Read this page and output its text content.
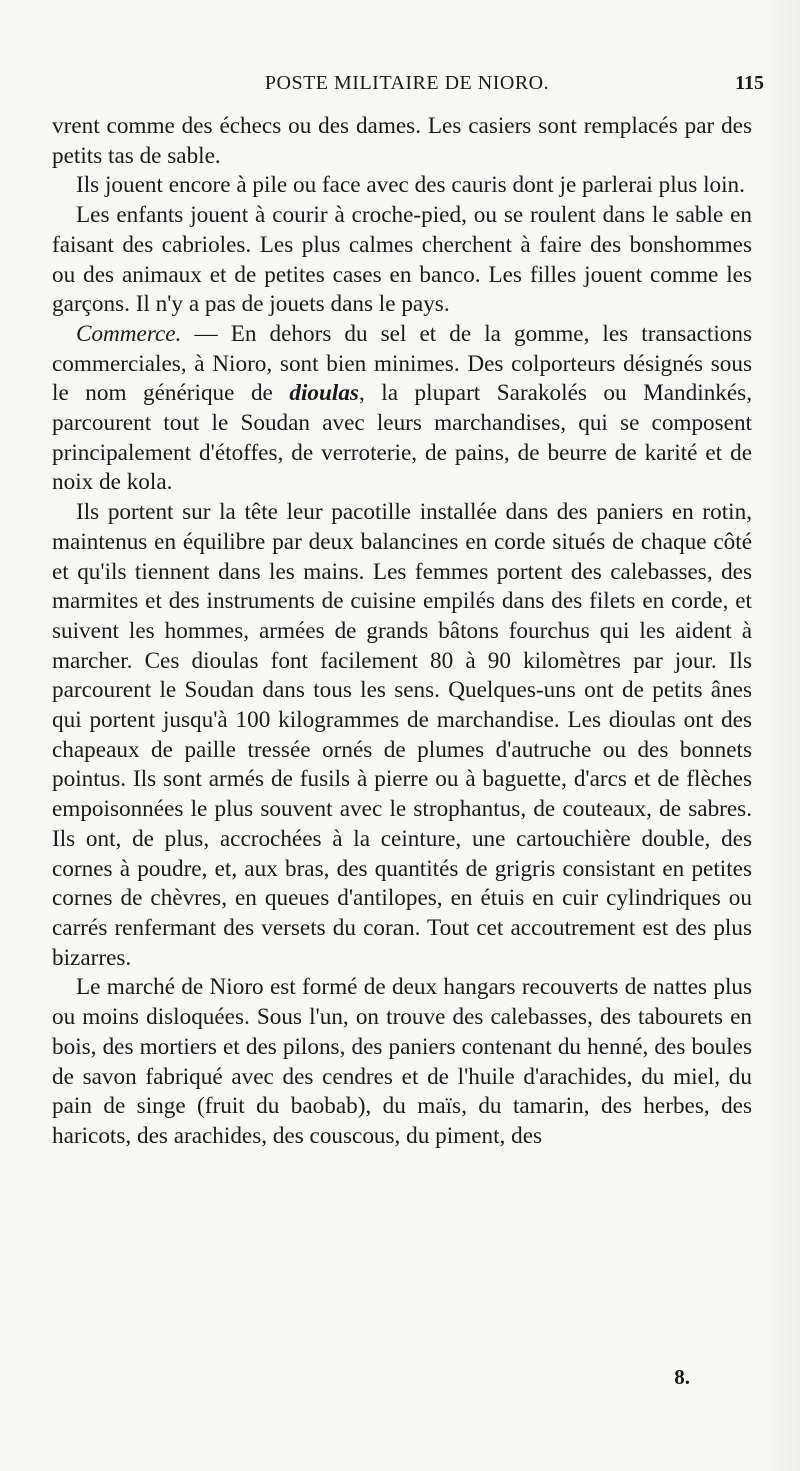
POSTE MILITAIRE DE NIORO.	115

vrent comme des échecs ou des dames. Les casiers sont remplacés par des petits tas de sable.

Ils jouent encore à pile ou face avec des cauris dont je parlerai plus loin.

Les enfants jouent à courir à croche-pied, ou se roulent dans le sable en faisant des cabrioles. Les plus calmes cherchent à faire des bonshommes ou des animaux et de petites cases en banco. Les filles jouent comme les garçons. Il n'y a pas de jouets dans le pays.

Commerce. — En dehors du sel et de la gomme, les transactions commerciales, à Nioro, sont bien minimes. Des colporteurs désignés sous le nom générique de dioulas, la plupart Sarakolés ou Mandinkés, parcourent tout le Soudan avec leurs marchandises, qui se composent principalement d'étoffes, de verroterie, de pains, de beurre de karité et de noix de kola.

Ils portent sur la tête leur pacotille installée dans des paniers en rotin, maintenus en équilibre par deux balancines en corde situés de chaque côté et qu'ils tiennent dans les mains. Les femmes portent des calebasses, des marmites et des instruments de cuisine empilés dans des filets en corde, et suivent les hommes, armées de grands bâtons fourchus qui les aident à marcher. Ces dioulas font facilement 80 à 90 kilomètres par jour. Ils parcourent le Soudan dans tous les sens. Quelques-uns ont de petits ânes qui portent jusqu'à 100 kilogrammes de marchandise. Les dioulas ont des chapeaux de paille tressée ornés de plumes d'autruche ou des bonnets pointus. Ils sont armés de fusils à pierre ou à baguette, d'arcs et de flèches empoisonnées le plus souvent avec le strophantus, de couteaux, de sabres. Ils ont, de plus, accrochées à la ceinture, une cartouchière double, des cornes à poudre, et, aux bras, des quantités de grigris consistant en petites cornes de chèvres, en queues d'antilopes, en étuis en cuir cylindriques ou carrés renfermant des versets du coran. Tout cet accoutrement est des plus bizarres.

Le marché de Nioro est formé de deux hangars recouverts de nattes plus ou moins disloquées. Sous l'un, on trouve des calebasses, des tabourets en bois, des mortiers et des pilons, des paniers contenant du henné, des boules de savon fabriqué avec des cendres et de l'huile d'arachides, du miel, du pain de singe (fruit du baobab), du maïs, du tamarin, des herbes, des haricots, des arachides, des couscous, du piment, des

8.
